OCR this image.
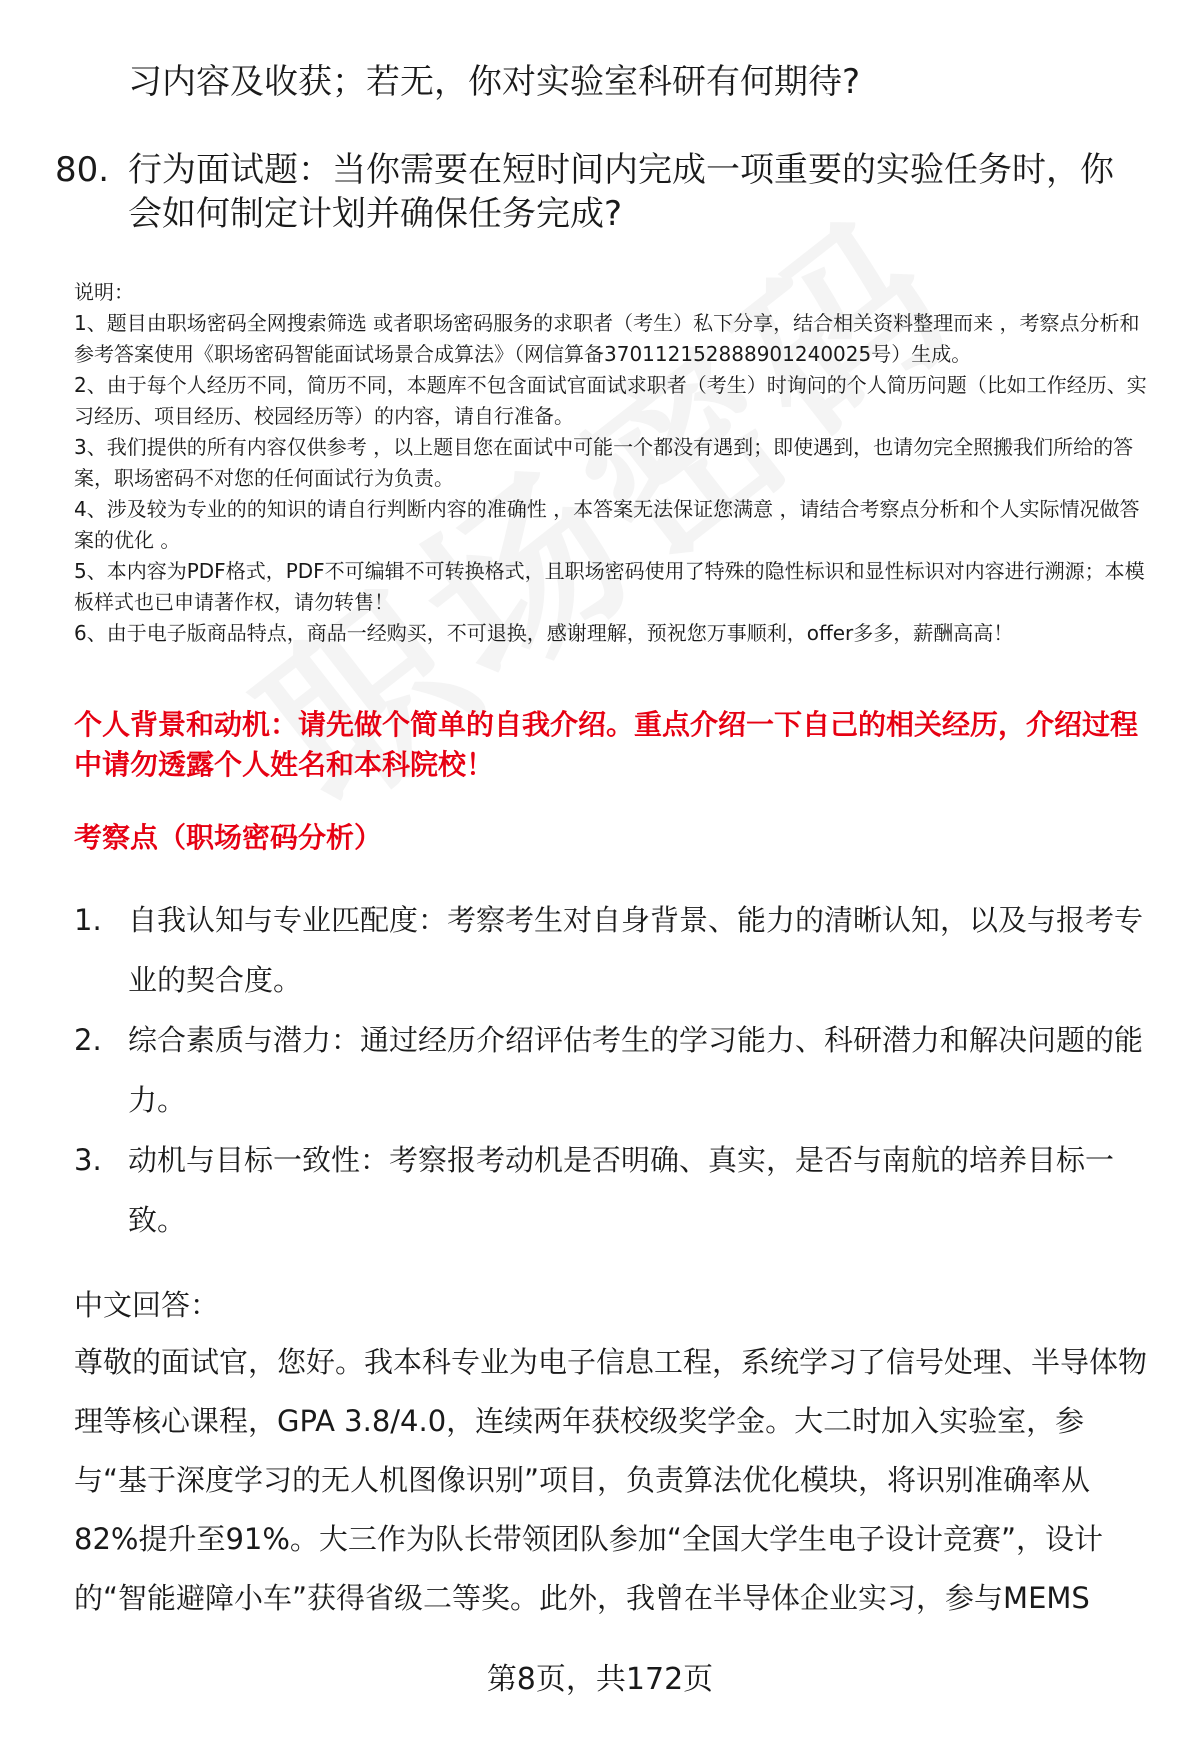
习内容及收获；若无，你对实验室科研有何期待?
80. 行为面试题：当你需要在短时间内完成一项重要的实验任务时，你会如何制定计划并确保任务完成?
说明：
1、题目由职场密码全网搜索筛选 或者职场密码服务的求职者（考生）私下分享，结合相关资料整理而来 ，考察点分析和参考答案使用《职场密码智能面试场景合成算法》（网信算备370112152888901240025号）生成。
2、由于每个人经历不同，简历不同，本题库不包含面试官面试求职者（考生）时询问的个人简历问题（比如工作经历、实习经历、项目经历、校园经历等）的内容，请自行准备。
3、我们提供的所有内容仅供参考 ，以上题目您在面试中可能一个都没有遇到；即使遇到，也请勿完全照搬我们所给的答案，职场密码不对您的任何面试行为负责。
4、涉及较为专业的的知识的请自行判断内容的准确性 ，本答案无法保证您满意 ，请结合考察点分析和个人实际情况做答案的优化 。
5、本内容为PDF格式，PDF不可编辑不可转换格式，且职场密码使用了特殊的隐性标识和显性标识对内容进行溯源；本模板样式也已申请著作权，请勿转售！
6、由于电子版商品特点，商品一经购买，不可退换，感谢理解，预祝您万事顺利，offer多多，薪酬高高！
个人背景和动机：请先做个简单的自我介绍。重点介绍一下自己的相关经历，介绍过程中请勿透露个人姓名和本科院校！
考察点（职场密码分析）
1. 自我认知与专业匹配度：考察考生对自身背景、能力的清晰认知，以及与报考专业的契合度。
2. 综合素质与潜力：通过经历介绍评估考生的学习能力、科研潜力和解决问题的能力。
3. 动机与目标一致性：考察报考动机是否明确、真实，是否与南航的培养目标一致。
中文回答：
尊敬的面试官，您好。我本科专业为电子信息工程，系统学习了信号处理、半导体物理等核心课程，GPA 3.8/4.0，连续两年获校级奖学金。大二时加入实验室，参与“基于深度学习的无人机图像识别”项目，负责算法优化模块，将识别准确率从82%提升至91%。大三作为队长带领团队参加“全国大学生电子设计竞赛”，设计的“智能避障小车”获得省级二等奖。此外，我曾在半导体企业实习，参与MEMS
第8页，共172页
